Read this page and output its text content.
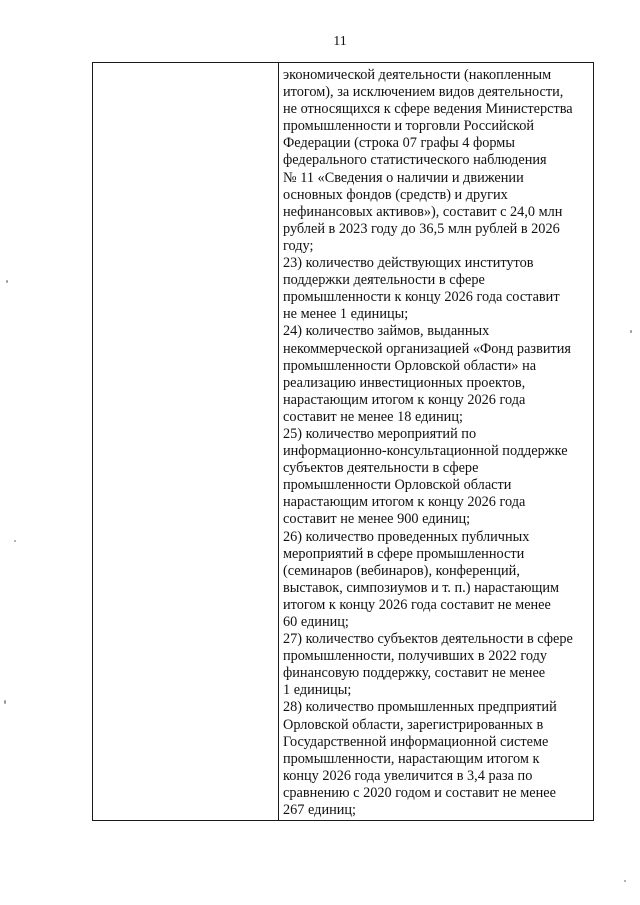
11
экономической деятельности (накопленным
итогом), за исключением видов деятельности,
не относящихся к сфере ведения Министерства
промышленности и торговли Российской
Федерации (строка 07 графы 4 формы
федерального статистического наблюдения
№ 11 «Сведения о наличии и движении
основных фондов (средств) и других
нефинансовых активов»), составит с 24,0 млн
рублей в 2023 году до 36,5 млн рублей в 2026
году;
23) количество действующих институтов
поддержки деятельности в сфере
промышленности к концу 2026 года составит
не менее 1 единицы;
24) количество займов, выданных
некоммерческой организацией «Фонд развития
промышленности Орловской области» на
реализацию инвестиционных проектов,
нарастающим итогом к концу 2026 года
составит не менее 18 единиц;
25) количество мероприятий по
информационно-консультационной поддержке
субъектов деятельности в сфере
промышленности Орловской области
нарастающим итогом к концу 2026 года
составит не менее 900 единиц;
26) количество проведенных публичных
мероприятий в сфере промышленности
(семинаров (вебинаров), конференций,
выставок, симпозиумов и т. п.) нарастающим
итогом к концу 2026 года составит не менее
60 единиц;
27) количество субъектов деятельности в сфере
промышленности, получивших в 2022 году
финансовую поддержку, составит не менее
1 единицы;
28) количество промышленных предприятий
Орловской области, зарегистрированных в
Государственной информационной системе
промышленности, нарастающим итогом к
концу 2026 года увеличится в 3,4 раза по
сравнению с 2020 годом и составит не менее
267 единиц;
